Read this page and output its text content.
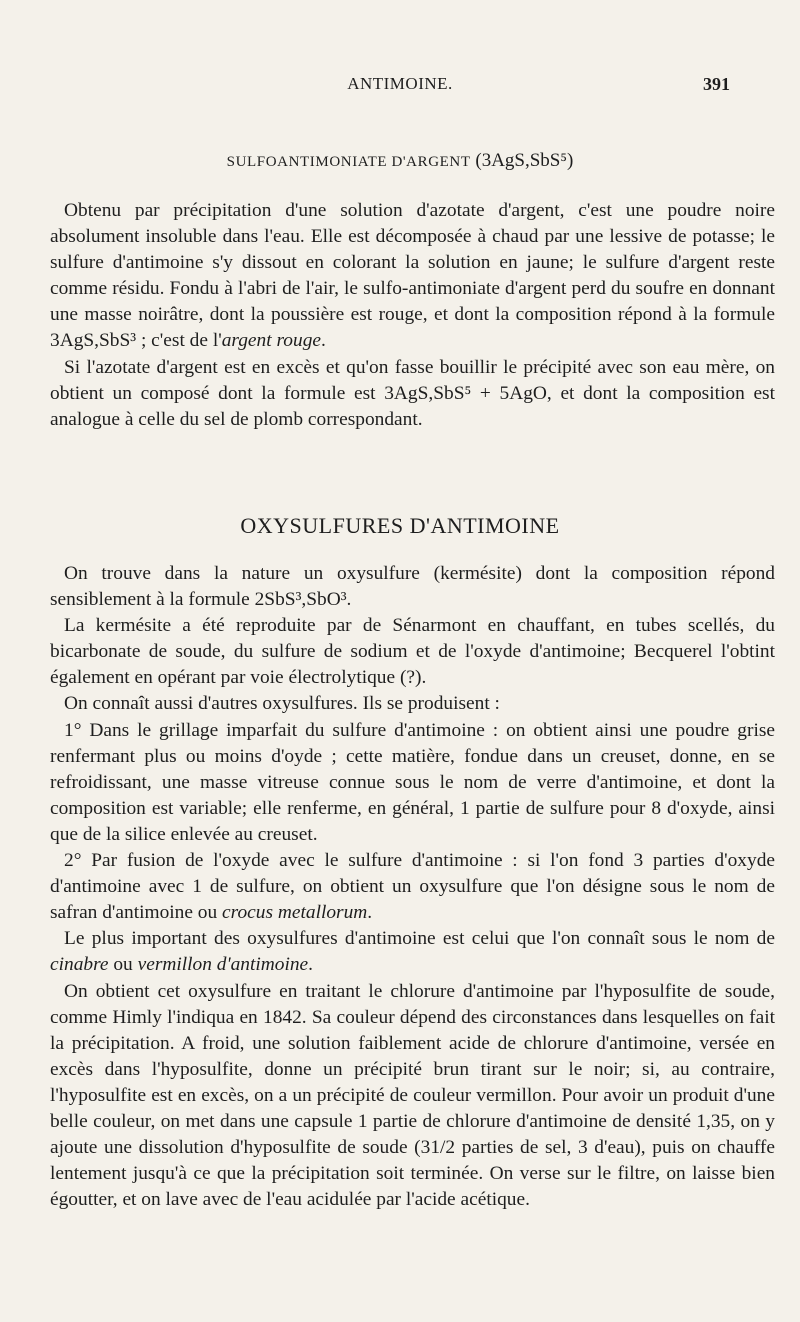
ANTIMOINE.	391
SULFOANTIMONIATE D'ARGENT (3AgS,SbS⁵)

Obtenu par précipitation d'une solution d'azotate d'argent, c'est une poudre noire absolument insoluble dans l'eau. Elle est décomposée à chaud par une lessive de potasse; le sulfure d'antimoine s'y dissout en colorant la solution en jaune; le sulfure d'argent reste comme résidu. Fondu à l'abri de l'air, le sulfo-antimoniate d'argent perd du soufre en donnant une masse noirâtre, dont la poussière est rouge, et dont la composition répond à la formule 3AgS,SbS³ ; c'est de l'argent rouge.

Si l'azotate d'argent est en excès et qu'on fasse bouillir le précipité avec son eau mère, on obtient un composé dont la formule est 3AgS,SbS⁵ + 5AgO, et dont la composition est analogue à celle du sel de plomb correspondant.

OXYSULFURES D'ANTIMOINE

On trouve dans la nature un oxysulfure (kermésite) dont la composition répond sensiblement à la formule 2SbS³,SbO³.

La kermésite a été reproduite par de Sénarmont en chauffant, en tubes scellés, du bicarbonate de soude, du sulfure de sodium et de l'oxyde d'antimoine; Becquerel l'obtint également en opérant par voie électrolytique (?).

On connaît aussi d'autres oxysulfures. Ils se produisent :

1° Dans le grillage imparfait du sulfure d'antimoine : on obtient ainsi une poudre grise renfermant plus ou moins d'oyde ; cette matière, fondue dans un creuset, donne, en se refroidissant, une masse vitreuse connue sous le nom de verre d'antimoine, et dont la composition est variable; elle renferme, en général, 1 partie de sulfure pour 8 d'oxyde, ainsi que de la silice enlevée au creuset.

2° Par fusion de l'oxyde avec le sulfure d'antimoine : si l'on fond 3 parties d'oxyde d'antimoine avec 1 de sulfure, on obtient un oxysulfure que l'on désigne sous le nom de safran d'antimoine ou crocus metallorum.

Le plus important des oxysulfures d'antimoine est celui que l'on connaît sous le nom de cinabre ou vermillon d'antimoine.

On obtient cet oxysulfure en traitant le chlorure d'antimoine par l'hyposulfite de soude, comme Himly l'indiqua en 1842. Sa couleur dépend des circonstances dans lesquelles on fait la précipitation. A froid, une solution faiblement acide de chlorure d'antimoine, versée en excès dans l'hyposulfite, donne un précipité brun tirant sur le noir; si, au contraire, l'hyposulfite est en excès, on a un précipité de couleur vermillon. Pour avoir un produit d'une belle couleur, on met dans une capsule 1 partie de chlorure d'antimoine de densité 1,35, on y ajoute une dissolution d'hyposulfite de soude (31/2 parties de sel, 3 d'eau), puis on chauffe lentement jusqu'à ce que la précipitation soit terminée. On verse sur le filtre, on laisse bien égoutter, et on lave avec de l'eau acidulée par l'acide acétique.
